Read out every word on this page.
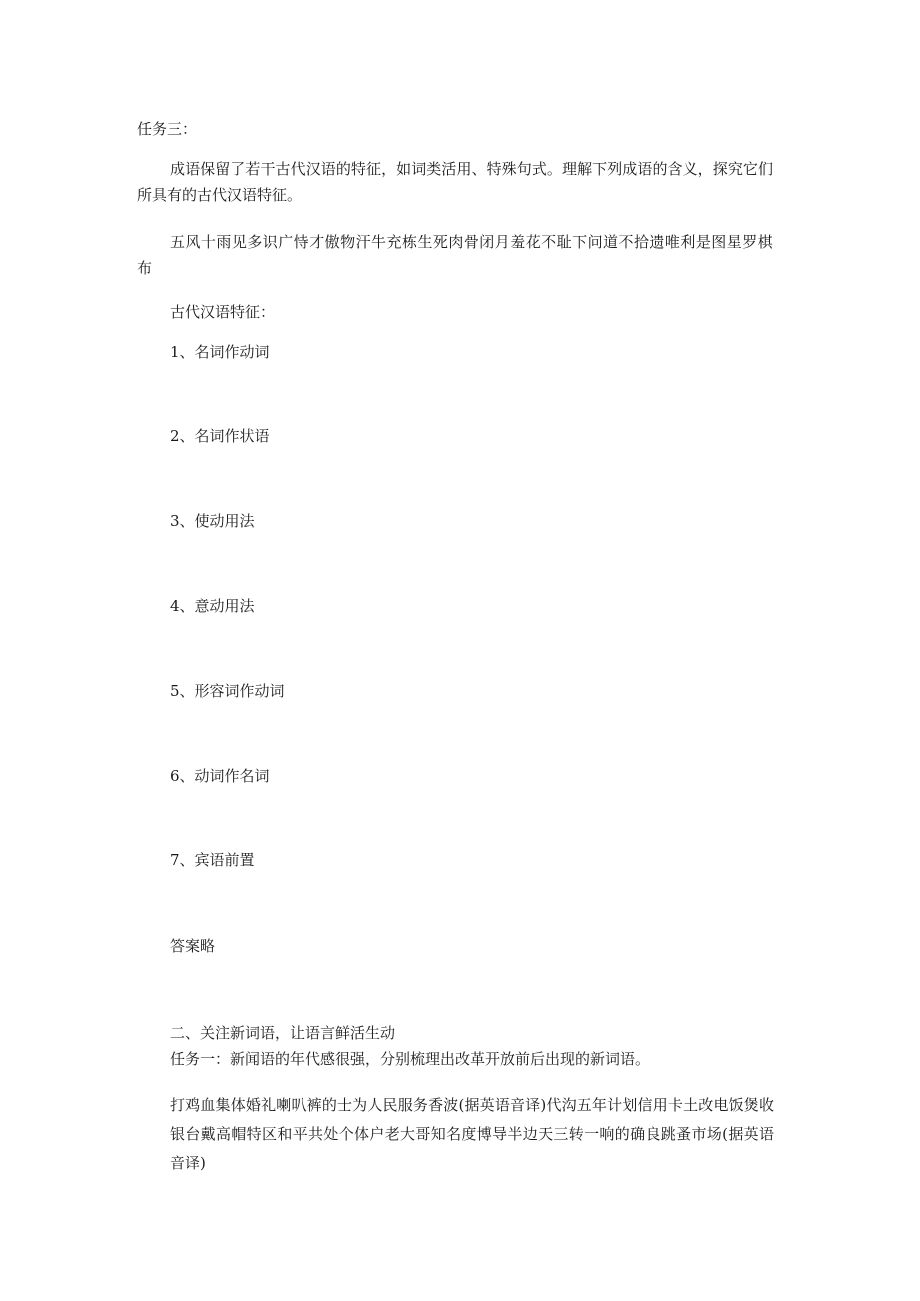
任务三：

成语保留了若干古代汉语的特征，如词类活用、特殊句式。理解下列成语的含义，探究它们所具有的古代汉语特征。

五风十雨见多识广恃才傲物汗牛充栋生死肉骨闭月羞花不耻下问道不拾遗唯利是图星罗棋布

古代汉语特征：
1、名词作动词
2、名词作状语
3、使动用法
4、意动用法
5、形容词作动词
6、动词作名词
7、宾语前置
答案略
二、关注新词语，让语言鲜活生动
任务一：新闻语的年代感很强，分别梳理出改革开放前后出现的新词语。

打鸡血集体婚礼喇叭裤的士为人民服务香波(据英语音译)代沟五年计划信用卡土改电饭煲收银台戴高帽特区和平共处个体户老大哥知名度博导半边天三转一响的确良跳蚤市场(据英语音译)
